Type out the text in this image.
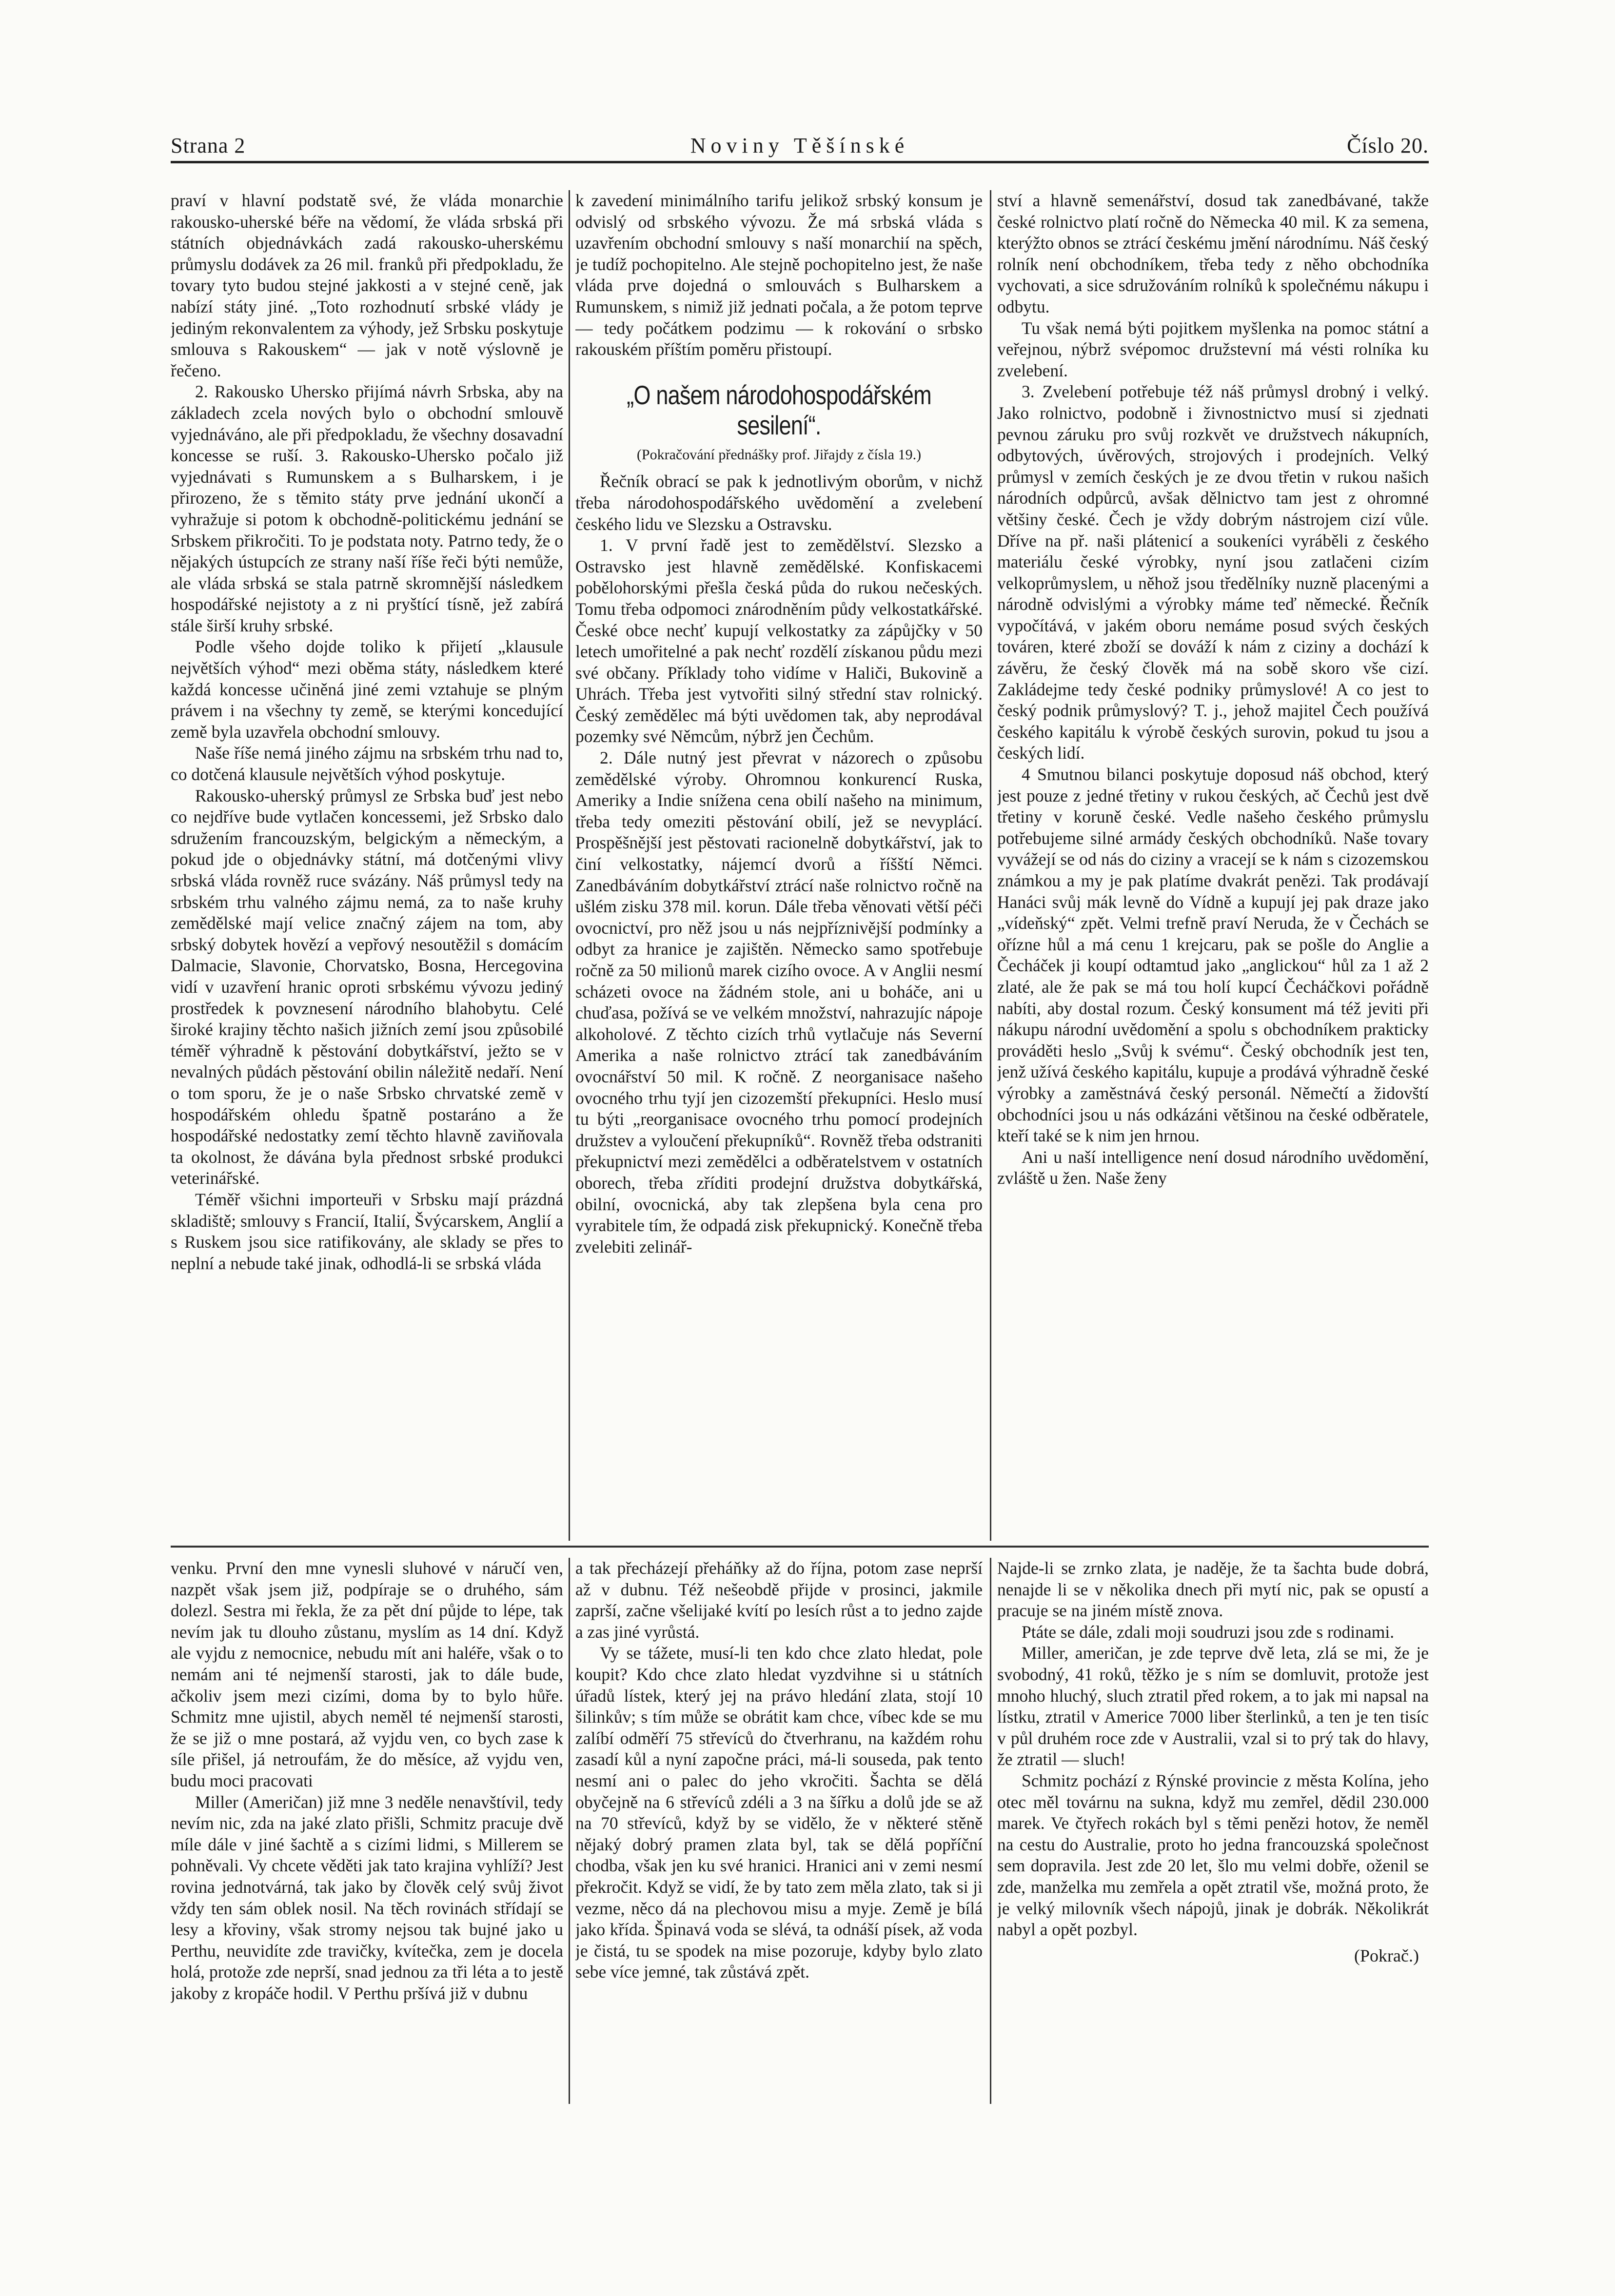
Strana 2	Noviny Těšínské	Číslo 20.

praví v hlavní podstatě své, že vláda monarchie rakousko-uherské béře na vědomí, že vláda srbská při státních objednávkách zadá rakousko-uherskému průmyslu dodávek za 26 mil. franků při předpokladu, že tovary tyto budou stejné jakkosti a v stejné ceně, jak nabízí státy jiné. „Toto rozhodnutí srbské vlády je jediným rekonvalentem za výhody, jež Srbsku poskytuje smlouva s Rakouskem“ — jak v notě výslovně je řečeno.

2. Rakousko Uhersko přijímá návrh Srbska, aby na základech zcela nových bylo o obchodní smlouvě vyjednáváno, ale při předpokladu, že všechny dosavadní koncesse se ruší. 3. Rakousko-Uhersko počalo již vyjednávati s Rumunskem a s Bulharskem, i je přirozeno, že s těmito státy prve jednání ukončí a vyhražuje si potom k obchodně-politickému jednání se Srbskem přikročiti. To je podstata noty. Patrno tedy, že o nějakých ústupcích ze strany naší říše řeči býti nemůže, ale vláda srbská se stala patrně skromnější následkem hospodářské nejistoty a z ni pryštící tísně, jež zabírá stále širší kruhy srbské.

Podle všeho dojde toliko k přijetí „klausule největších výhod“ mezi oběma státy, následkem které každá koncesse učiněná jiné zemi vztahuje se plným právem i na všechny ty země, se kterými koncedující země byla uzavřela obchodní smlouvy.

Naše říše nemá jiného zájmu na srbském trhu nad to, co dotčená klausule největších výhod poskytuje.

Rakousko-uherský průmysl ze Srbska buď jest nebo co nejdříve bude vytlačen koncessemi, jež Srbsko dalo sdružením francouzským, belgickým a německým, a pokud jde o objednávky státní, má dotčenými vlivy srbská vláda rovněž ruce svázány. Náš průmysl tedy na srbském trhu valného zájmu nemá, za to naše kruhy zemědělské mají velice značný zájem na tom, aby srbský dobytek hovězí a vepřový nesoutěžil s domácím Dalmacie, Slavonie, Chorvatsko, Bosna, Hercegovina vidí v uzavření hranic oproti srbskému vývozu jediný prostředek k povznesení národního blahobytu. Celé široké krajiny těchto našich jižních zemí jsou způsobilé téměř výhradně k pěstování dobytkářství, ježto se v nevalných půdách pěstování obilin náležitě nedaří. Není o tom sporu, že je o naše Srbsko chrvatské země v hospodářském ohledu špatně postaráno a že hospodářské nedostatky zemí těchto hlavně zaviňovala ta okolnost, že dávána byla přednost srbské produkci veterinářské.

Téměř všichni importeuři v Srbsku mají prázdná skladiště; smlouvy s Francií, Italií, Švýcarskem, Anglií a s Ruskem jsou sice ratifikovány, ale sklady se přes to neplní a nebude také jinak, odhodlá-li se srbská vláda

k zavedení minimálního tarifu jelikož srbský konsum je odvislý od srbského vývozu. Že má srbská vláda s uzavřením obchodní smlouvy s naší monarchií na spěch, je tudíž pochopitelno. Ale stejně pochopitelno jest, že naše vláda prve dojedná o smlouvách s Bulharskem a Rumunskem, s nimiž již jednati počala, a že potom teprve — tedy počátkem podzimu — k rokování o srbsko rakouském příštím poměru přistoupí.

„O našem národohospodářském sesilení“.
(Pokračování přednášky prof. Jiřajdy z čísla 19.)

Řečník obrací se pak k jednotlivým oborům, v nichž třeba národohospodářského uvědomění a zvelebení českého lidu ve Slezsku a Ostravsku.

1. V první řadě jest to zemědělství. Slezsko a Ostravsko jest hlavně zemědělské. Konfiskacemi pobělohorskými přešla česká půda do rukou nečeských. Tomu třeba odpomoci znárodněním půdy velkostatkářské. České obce nechť kupují velkostatky za zápůjčky v 50 letech umořitelné a pak nechť rozdělí získanou půdu mezi své občany. Příklady toho vidíme v Haliči, Bukovině a Uhrách. Třeba jest vytvořiti silný střední stav rolnický. Český zemědělec má býti uvědomen tak, aby neprodával pozemky své Němcům, nýbrž jen Čechům.

2. Dále nutný jest převrat v názorech o způsobu zemědělské výroby. Ohromnou konkurencí Ruska, Ameriky a Indie snížena cena obilí našeho na minimum, třeba tedy omeziti pěstování obilí, jež se nevyplácí. Prospěšnější jest pěstovati racionelně dobytkářství, jak to činí velkostatky, nájemcí dvorů a říšští Němci. Zanedbáváním dobytkářství ztrácí naše rolnictvo ročně na ušlém zisku 378 mil. korun. Dále třeba věnovati větší péči ovocnictví, pro něž jsou u nás nejpříznivější podmínky a odbyt za hranice je zajištěn. Německo samo spotřebuje ročně za 50 milionů marek cizího ovoce. A v Anglii nesmí scházeti ovoce na žádném stole, ani u boháče, ani u chuďasa, požívá se ve velkém množství, nahrazujíc nápoje alkoholové. Z těchto cizích trhů vytlačuje nás Severní Amerika a naše rolnictvo ztrácí tak zanedbáváním ovocnářství 50 mil. K ročně. Z neorganisace našeho ovocného trhu tyjí jen cizozemští překupníci. Heslo musí tu býti „reorganisace ovocného trhu pomocí prodejních družstev a vyloučení překupníků“. Rovněž třeba odstraniti překupnictví mezi zemědělci a odběratelstvem v ostatních oborech, třeba zříditi prodejní družstva dobytkářská, obilní, ovocnická, aby tak zlepšena byla cena pro vyrabitele tím, že odpadá zisk překupnický. Konečně třeba zvelebiti zelinář-

ství a hlavně semenářství, dosud tak zanedbávané, takže české rolnictvo platí ročně do Německa 40 mil. K za semena, kterýžto obnos se ztrácí českému jmění národnímu. Náš český rolník není obchodníkem, třeba tedy z něho obchodníka vychovati, a sice sdružováním rolníků k společnému nákupu i odbytu.

Tu však nemá býti pojitkem myšlenka na pomoc státní a veřejnou, nýbrž svépomoc družstevní má vésti rolníka ku zvelebení.

3. Zvelebení potřebuje též náš průmysl drobný i velký. Jako rolnictvo, podobně i živnostnictvo musí si zjednati pevnou záruku pro svůj rozkvět ve družstvech nákupních, odbytových, úvěrových, strojových i prodejních. Velký průmysl v zemích českých je ze dvou třetin v rukou našich národních odpůrců, avšak dělnictvo tam jest z ohromné většiny české. Čech je vždy dobrým nástrojem cizí vůle. Dříve na př. naši plátenicí a soukeníci vyráběli z českého materiálu české výrobky, nyní jsou zatlačeni cizím velkoprůmyslem, u něhož jsou tředělníky nuzně placenými a národně odvislými a výrobky máme teď německé. Řečník vypočítává, v jakém oboru nemáme posud svých českých továren, které zboží se dováží k nám z ciziny a dochází k závěru, že český člověk má na sobě skoro vše cizí. Zakládejme tedy české podniky průmyslové! A co jest to český podnik průmyslový? T. j., jehož majitel Čech používá českého kapitálu k výrobě českých surovin, pokud tu jsou a českých lidí.

4 Smutnou bilanci poskytuje doposud náš obchod, který jest pouze z jedné třetiny v rukou českých, ač Čechů jest dvě třetiny v koruně české. Vedle našeho českého průmyslu potřebujeme silné armády českých obchodníků. Naše tovary vyvážejí se od nás do ciziny a vracejí se k nám s cizozemskou známkou a my je pak platíme dvakrát penězi. Tak prodávají Hanáci svůj mák levně do Vídně a kupují jej pak draze jako „vídeňský“ zpět. Velmi trefně praví Neruda, že v Čechách se ořízne hůl a má cenu 1 krejcaru, pak se pošle do Anglie a Čecháček ji koupí odtamtud jako „anglickou“ hůl za 1 až 2 zlaté, ale že pak se má tou holí kupcí Čecháčkovi pořádně nabíti, aby dostal rozum. Český konsument má též jeviti při nákupu národní uvědomění a spolu s obchodníkem prakticky prováděti heslo „Svůj k svému“. Český obchodník jest ten, jenž užívá českého kapitálu, kupuje a prodává výhradně české výrobky a zaměstnává český personál. Němečtí a židovští obchodníci jsou u nás odkázáni většinou na české odběratele, kteří také se k nim jen hrnou.

Ani u naší intelligence není dosud národního uvědomění, zvláště u žen. Naše ženy

venku. První den mne vynesli sluhové v náručí ven, nazpět však jsem již, podpíraje se o druhého, sám dolezl. Sestra mi řekla, že za pět dní půjde to lépe, tak nevím jak tu dlouho zůstanu, myslím as 14 dní. Když ale vyjdu z nemocnice, nebudu mít ani haléře, však o to nemám ani té nejmenší starosti, jak to dále bude, ačkoliv jsem mezi cizími, doma by to bylo hůře. Schmitz mne ujistil, abych neměl té nejmenší starosti, že se již o mne postará, až vyjdu ven, co bych zase k síle přišel, já netroufám, že do měsíce, až vyjdu ven, budu moci pracovati

Miller (Američan) již mne 3 neděle nenavštívil, tedy nevím nic, zda na jaké zlato přišli, Schmitz pracuje dvě míle dále v jiné šachtě a s cizími lidmi, s Millerem se pohněvali. Vy chcete věděti jak tato krajina vyhlíží? Jest rovina jednotvárná, tak jako by člověk celý svůj život vždy ten sám oblek nosil. Na těch rovinách střídají se lesy a křoviny, však stromy nejsou tak bujné jako u Perthu, neuvidíte zde travičky, kvítečka, zem je docela holá, protože zde neprší, snad jednou za tři léta a to jestě jakoby z kropáče hodil. V Perthu pršívá již v dubnu

a tak přecházejí přeháňky až do října, potom zase neprší až v dubnu. Též nešeobdě přijde v prosinci, jakmile zaprší, začne všelijaké kvítí po lesích růst a to jedno zajde a zas jiné vyrůstá.

Vy se tážete, musí-li ten kdo chce zlato hledat, pole koupit? Kdo chce zlato hledat vyzdvihne si u státních úřadů lístek, který jej na právo hledání zlata, stojí 10 šilinkův; s tím může se obrátit kam chce, víbec kde se mu zalíbí odměří 75 střevíců do čtverhranu, na každém rohu zasadí kůl a nyní započne práci, má-li souseda, pak tento nesmí ani o palec do jeho vkročiti. Šachta se dělá obyčejně na 6 střevíců zdéli a 3 na šířku a dolů jde se až na 70 střevíců, když by se vidělo, že v některé stěně nějaký dobrý pramen zlata byl, tak se dělá popříční chodba, však jen ku své hranici. Hranici ani v zemi nesmí překročit. Když se vidí, že by tato zem měla zlato, tak si ji vezme, něco dá na plechovou misu a myje. Země je bílá jako křída. Špinavá voda se slévá, ta odnáší písek, až voda je čistá, tu se spodek na mise pozoruje, kdyby bylo zlato sebe více jemné, tak zůstává zpět.

Najde-li se zrnko zlata, je naděje, že ta šachta bude dobrá, nenajde li se v několika dnech při mytí nic, pak se opustí a pracuje se na jiném místě znova.

Ptáte se dále, zdali moji soudruzi jsou zde s rodinami.

Miller, američan, je zde teprve dvě leta, zlá se mi, že je svobodný, 41 roků, těžko je s ním se domluvit, protože jest mnoho hluchý, sluch ztratil před rokem, a to jak mi napsal na lístku, ztratil v Americe 7000 liber šterlinků, a ten je ten tisíc v půl druhém roce zde v Australii, vzal si to prý tak do hlavy, že ztratil — sluch!

Schmitz pochází z Rýnské provincie z města Kolína, jeho otec měl továrnu na sukna, když mu zemřel, dědil 230.000 marek. Ve čtyřech rokách byl s těmi penězi hotov, že neměl na cestu do Australie, proto ho jedna francouzská společnost sem dopravila. Jest zde 20 let, šlo mu velmi dobře, oženil se zde, manželka mu zemřela a opět ztratil vše, možná proto, že je velký milovník všech nápojů, jinak je dobrák. Několikrát nabyl a opět pozbyl.

(Pokrač.)
